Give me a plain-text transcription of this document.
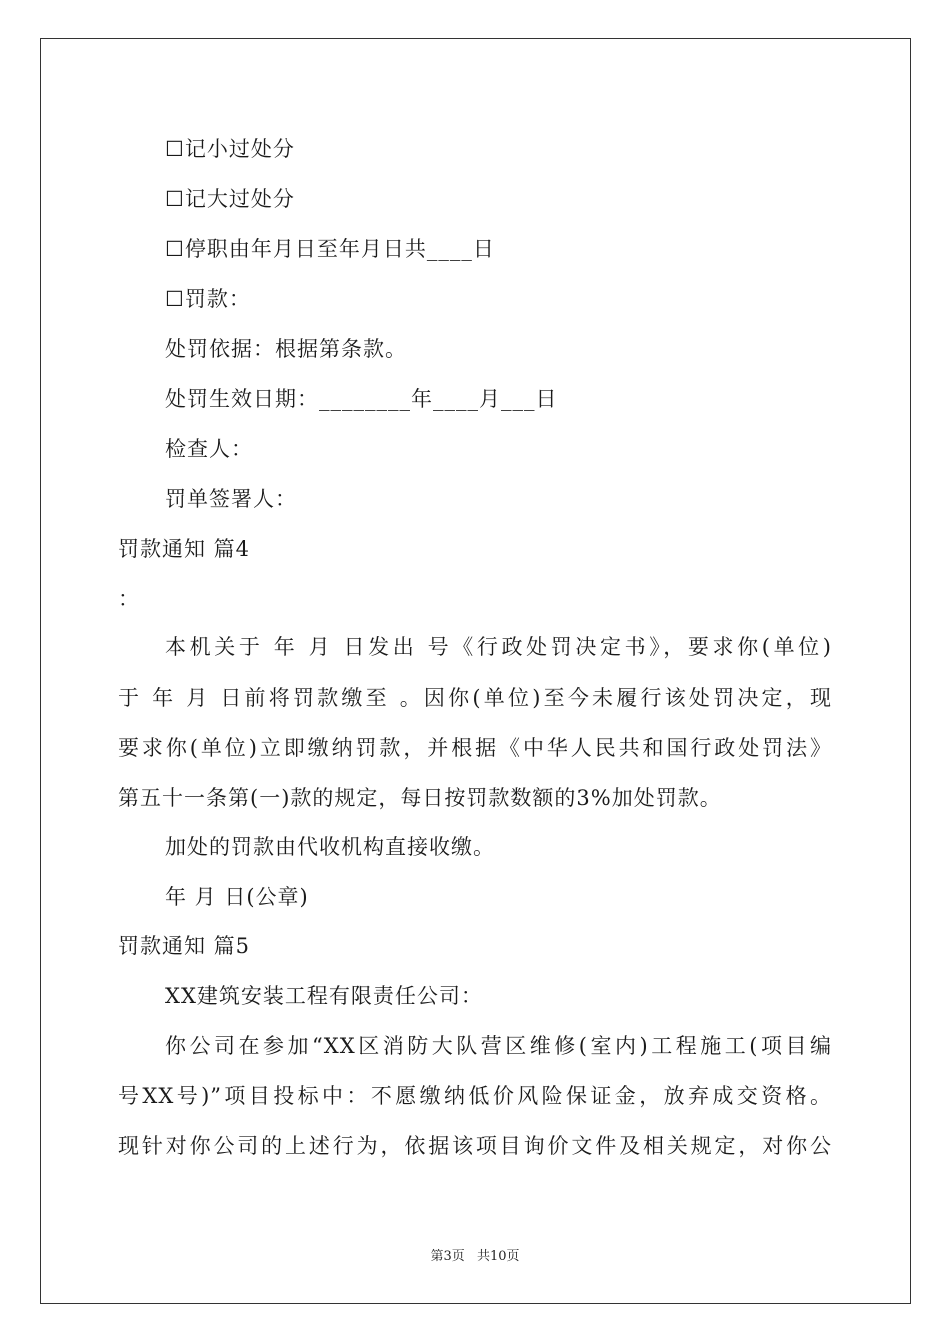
☐记小过处分
☐记大过处分
☐停职由年月日至年月日共____日
☐罚款：
处罚依据：根据第条款。
处罚生效日期：________年____月___日
检查人：
罚单签署人：
罚款通知 篇4
：
本机关于 年 月 日发出 号《行政处罚决定书》，要求你(单位)
于 年 月 日前将罚款缴至 。因你(单位)至今未履行该处罚决定，现
要求你(单位)立即缴纳罚款，并根据《中华人民共和国行政处罚法》
第五十一条第(一)款的规定，每日按罚款数额的3%加处罚款。
加处的罚款由代收机构直接收缴。
年 月 日(公章)
罚款通知 篇5
XX建筑安装工程有限责任公司：
你公司在参加“XX区消防大队营区维修(室内)工程施工(项目编
号XX号)”项目投标中：不愿缴纳低价风险保证金，放弃成交资格。
现针对你公司的上述行为，依据该项目询价文件及相关规定，对你公
第3页 共10页
